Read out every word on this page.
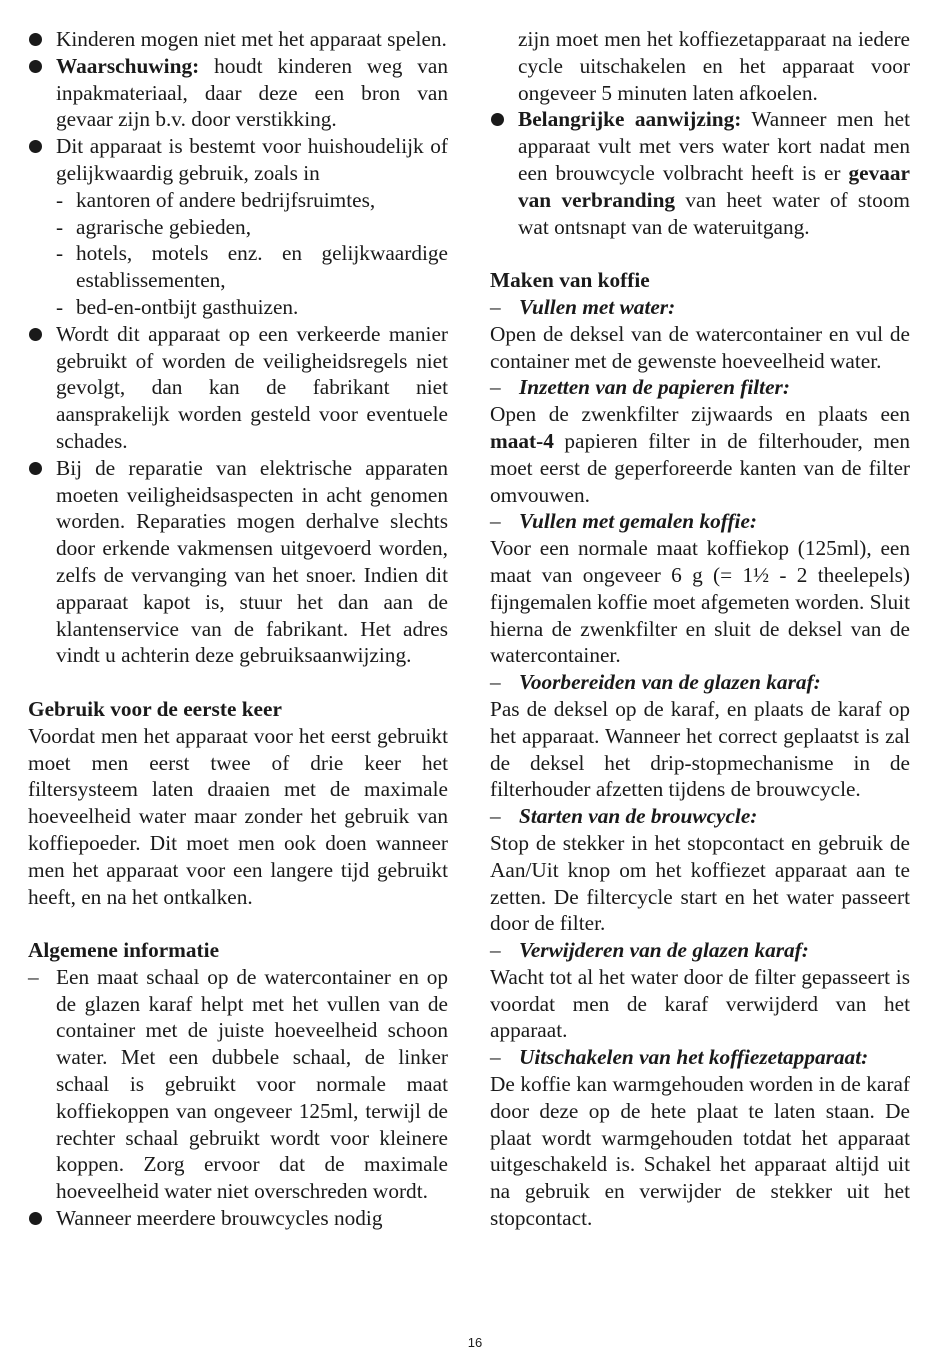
Kinderen mogen niet met het apparaat spelen.
Waarschuwing: houdt kinderen weg van inpakmateriaal, daar deze een bron van gevaar zijn b.v. door verstikking.
Dit apparaat is bestemt voor huishoudelijk of gelijkwaardig gebruik, zoals in
- kantoren of andere bedrijfsruimtes,
- agrarische gebieden,
- hotels, motels enz. en gelijkwaardige establissementen,
- bed-en-ontbijt gasthuizen.
Wordt dit apparaat op een verkeerde manier gebruikt of worden de veiligheidsregels niet gevolgt, dan kan de fabrikant niet aansprakelijk worden gesteld voor eventuele schades.
Bij de reparatie van elektrische apparaten moeten veiligheidsaspecten in acht genomen worden. Reparaties mogen derhalve slechts door erkende vakmensen uitgevoerd worden, zelfs de vervanging van het snoer. Indien dit apparaat kapot is, stuur het dan aan de klantenservice van de fabrikant. Het adres vindt u achterin deze gebruiksaanwijzing.

Gebruik voor de eerste keer

Voordat men het apparaat voor het eerst gebruikt moet men eerst twee of drie keer het filtersysteem laten draaien met de maximale hoeveelheid water maar zonder het gebruik van koffiepoeder. Dit moet men ook doen wanneer men het apparaat voor een langere tijd gebruikt heeft, en na het ontkalken.

Algemene informatie

– Een maat schaal op de watercontainer en op de glazen karaf helpt met het vullen van de container met de juiste hoeveelheid schoon water. Met een dubbele schaal, de linker schaal is gebruikt voor normale maat koffiekoppen van ongeveer 125ml, terwijl de rechter schaal gebruikt wordt voor kleinere koppen. Zorg ervoor dat de maximale hoeveelheid water niet overschreden wordt.
Wanneer meerdere brouwcycles nodig
zijn moet men het koffiezetapparaat na iedere cycle uitschakelen en het apparaat voor ongeveer 5 minuten laten afkoelen.
Belangrijke aanwijzing: Wanneer men het apparaat vult met vers water kort nadat men een brouwcycle volbracht heeft is er gevaar van verbranding van heet water of stoom wat ontsnapt van de wateruitgang.

Maken van koffie

– Vullen met water:

Open de deksel van de watercontainer en vul de container met de gewenste hoeveelheid water.

– Inzetten van de papieren filter:

Open de zwenkfilter zijwaards en plaats een maat-4 papieren filter in de filterhouder, men moet eerst de geperforeerde kanten van de filter omvouwen.

– Vullen met gemalen koffie:

Voor een normale maat koffiekop (125ml), een maat van ongeveer 6 g (= 1½ - 2 theelepels) fijngemalen koffie moet afgemeten worden. Sluit hierna de zwenkfilter en sluit de deksel van de watercontainer.

– Voorbereiden van de glazen karaf:

Pas de deksel op de karaf, en plaats de karaf op het apparaat. Wanneer het correct geplaatst is zal de deksel het drip-stopmechanisme in de filterhouder afzetten tijdens de brouwcycle.

– Starten van de brouwcycle:

Stop de stekker in het stopcontact en gebruik de Aan/Uit knop om het koffiezet apparaat aan te zetten. De filtercycle start en het water passeert door de filter.

– Verwijderen van de glazen karaf:

Wacht tot al het water door de filter gepasseert is voordat men de karaf verwijderd van het apparaat.

– Uitschakelen van het koffiezetapparaat:

De koffie kan warmgehouden worden in de karaf door deze op de hete plaat te laten staan. De plaat wordt warmgehouden totdat het apparaat uitgeschakeld is. Schakel het apparaat altijd uit na gebruik en verwijder de stekker uit het stopcontact.

16
